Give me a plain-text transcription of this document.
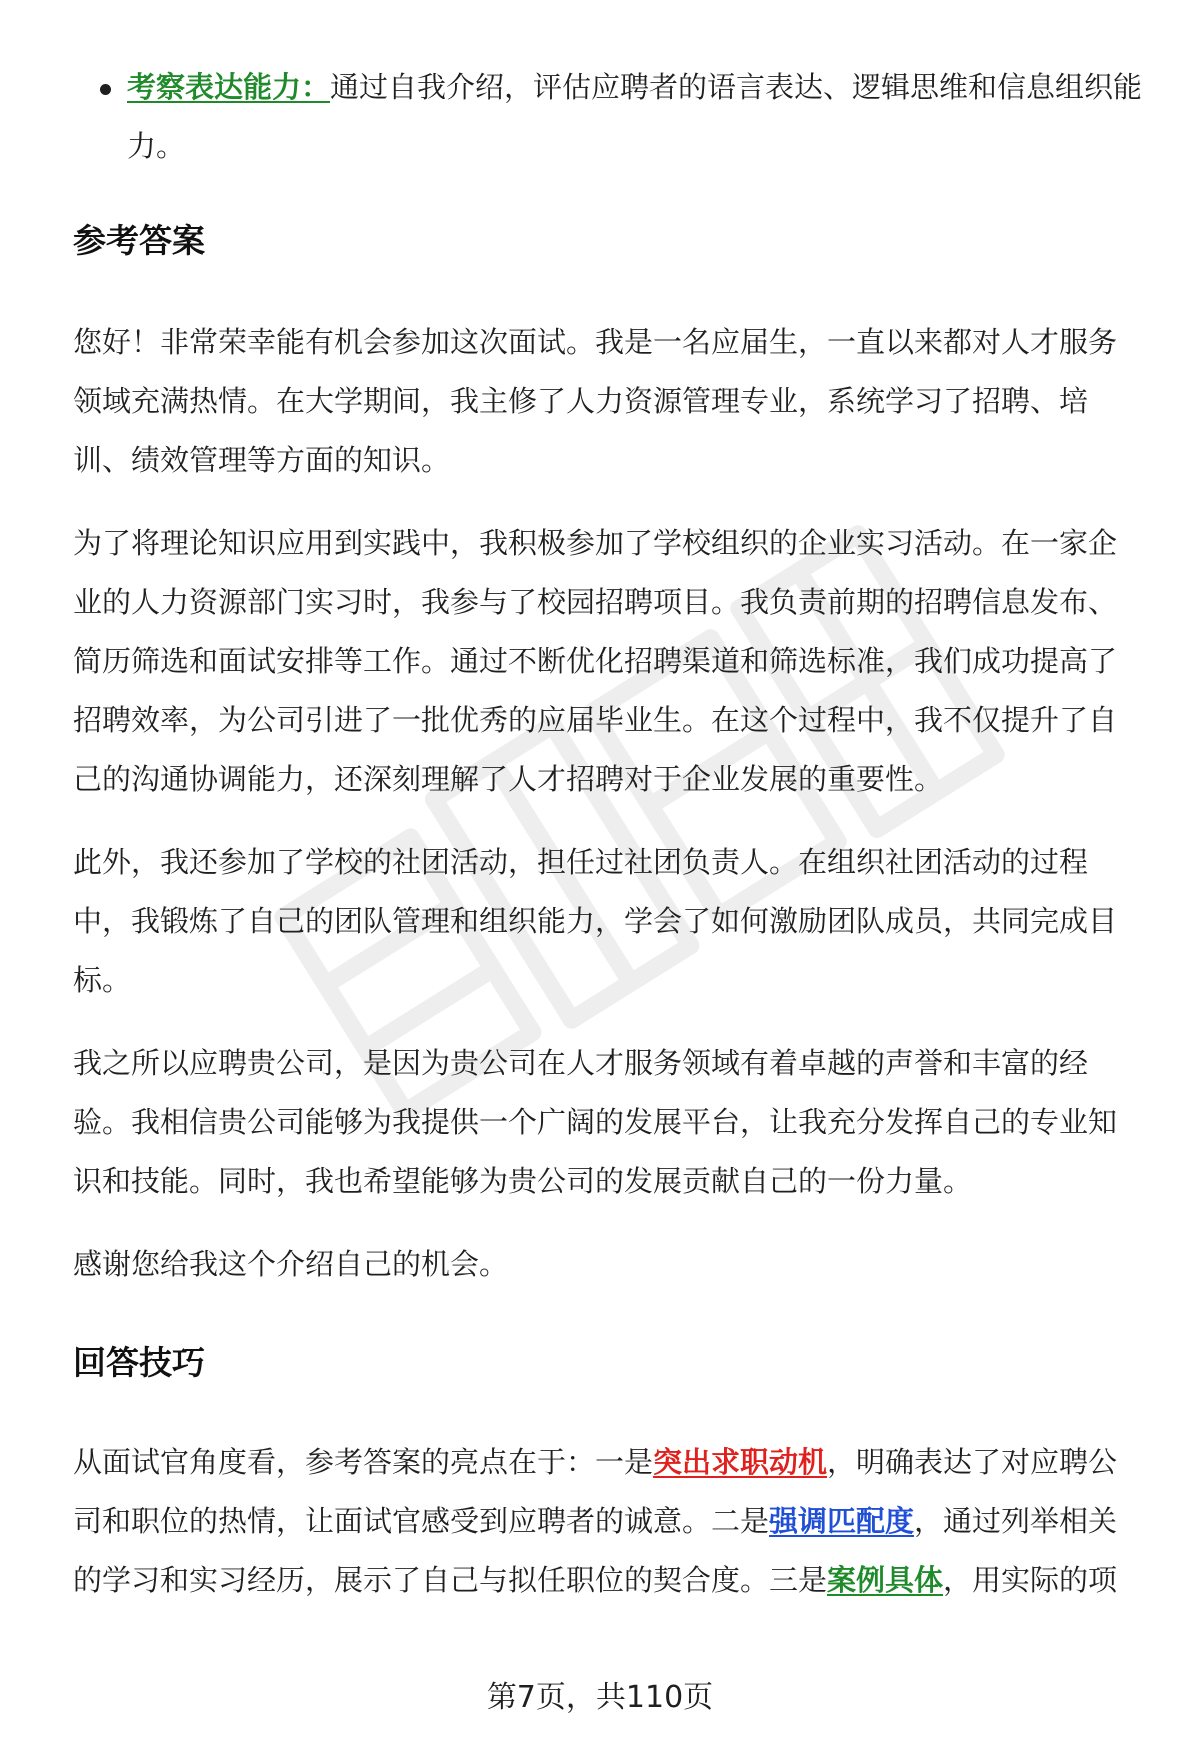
考察表达能力：通过自我介绍，评估应聘者的语言表达、逻辑思维和信息组织能力。
参考答案

您好！非常荣幸能有机会参加这次面试。我是一名应届生，一直以来都对人才服务领域充满热情。在大学期间，我主修了人力资源管理专业，系统学习了招聘、培训、绩效管理等方面的知识。

为了将理论知识应用到实践中，我积极参加了学校组织的企业实习活动。在一家企业的人力资源部门实习时，我参与了校园招聘项目。我负责前期的招聘信息发布、简历筛选和面试安排等工作。通过不断优化招聘渠道和筛选标准，我们成功提高了招聘效率，为公司引进了一批优秀的应届毕业生。在这个过程中，我不仅提升了自己的沟通协调能力，还深刻理解了人才招聘对于企业发展的重要性。

此外，我还参加了学校的社团活动，担任过社团负责人。在组织社团活动的过程中，我锻炼了自己的团队管理和组织能力，学会了如何激励团队成员，共同完成目标。

我之所以应聘贵公司，是因为贵公司在人才服务领域有着卓越的声誉和丰富的经验。我相信贵公司能够为我提供一个广阔的发展平台，让我充分发挥自己的专业知识和技能。同时，我也希望能够为贵公司的发展贡献自己的一份力量。

感谢您给我这个介绍自己的机会。

回答技巧

从面试官角度看，参考答案的亮点在于：一是突出求职动机，明确表达了对应聘公司和职位的热情，让面试官感受到应聘者的诚意。二是强调匹配度，通过列举相关的学习和实习经历，展示了自己与拟任职位的契合度。三是案例具体，用实际的项

第7页，共110页
